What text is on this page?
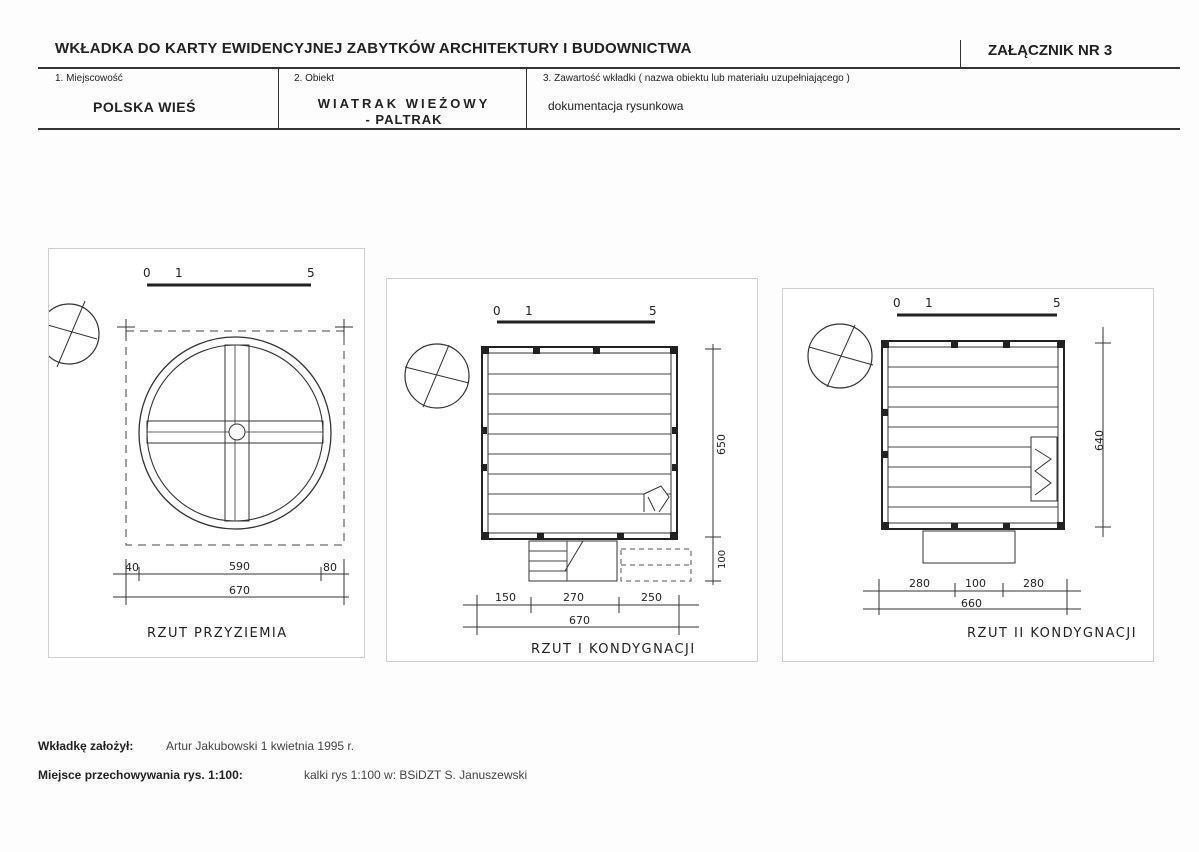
WKŁADKA DO KARTY EWIDENCYJNEJ ZABYTKÓW ARCHITEKTURY I BUDOWNICTWA	ZAŁĄCZNIK NR 3
1. Miejscowość
POLSKA WIEŚ
2. Obiekt
WIATRAK WIEŻOWY
- PALTRAK
3. Zawartość wkładki ( nazwa obiektu lub materiału uzupełniającego )
dokumentacja rysunkowa
0 1	5
40	590	80
670
RZUT PRZYZIEMIA
0 1	5
650
100
150	270	250
670
RZUT I KONDYGNACJI
0 1	5
640
280	100	280
660
RZUT II KONDYGNACJI
Wkładkę założył:	Artur Jakubowski 1 kwietnia 1995 r.
Miejsce przechowywania rys. 1:100:	kalki rys 1:100 w: BSiDZT S. Januszewski
